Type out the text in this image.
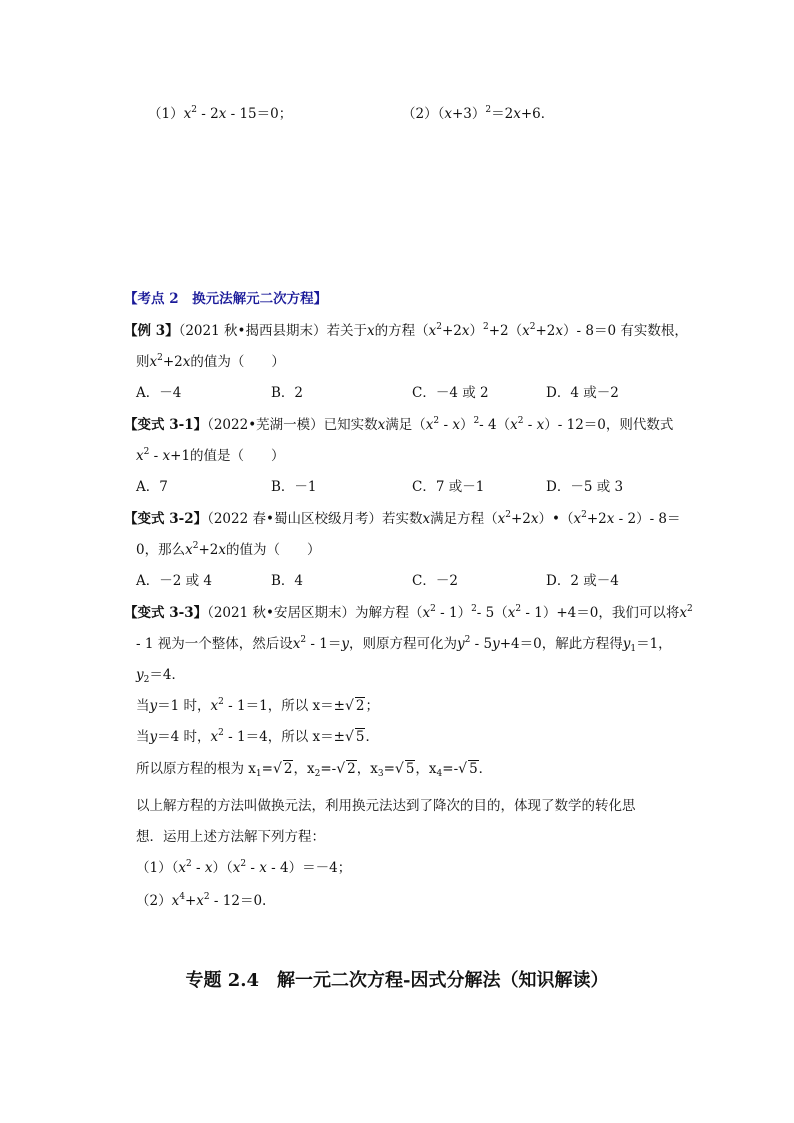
$(1)x^2 - 2x - 15=0$；	$(2)(x+3)^2=2x+6$．
【考点 2　换元法解元二次方程】
【例 3】（2021 秋•揭西县期末）若关于x的方程$(x^2+2x)^2+2(x^2+2x)-$ 8＝0 有实数根，
则$x^2+2x$的值为（　　）
A．－4	B．2	C．－4 或 2	D．4 或－2
【变式 3-1】（2022•芜湖一模）已知实数x满足$(x^2 - x)^2-$ $4(x^2 - x)-$ 12＝0，则代数式
$x^2 - x+1$的值是（　　）
A．7	B．－1	C．7 或－1	D．－5 或 3
【变式 3-2】（2022 春•蜀山区校级月考）若实数x满足方程$(x^2+2x)•(x^2+2x - 2)-$ 8＝
0，那么$x^2+2x$的值为（　　）
A．－2 或 4	B．4	C．－2	D．2 或－4
【变式 3-3】（2021 秋•安居区期末）为解方程$(x^2 - 1)^2-$ $5(x^2 - 1)+4=0$，我们可以将$x^2$
- 1 视为一个整体，然后设$x^2 - 1=y$，则原方程可化为$y^2 - 5y+4=0$，解此方程得$y_1=1$，
$y_2=4$．
当y＝1 时，$x^2 - 1=1$，所以 x＝±√ 2；
当y＝4 时，$x^2 - 1=4$，所以 x＝±√ 5．
所以原方程的根为 $x_1=√$ 2，$x_2=-√$ 2，$x_3=√$ 5，$x_4=-√$ 5．
以上解方程的方法叫做换元法，利用换元法达到了降次的目的，体现了数学的转化思
想．运用上述方法解下列方程：
$(1)(x^2 - x)(x^2 - x - 4)=-4$；
$(2)x^4+x^2 - 12=0$.
专题 2.4　解一元二次方程-因式分解法（知识解读）
